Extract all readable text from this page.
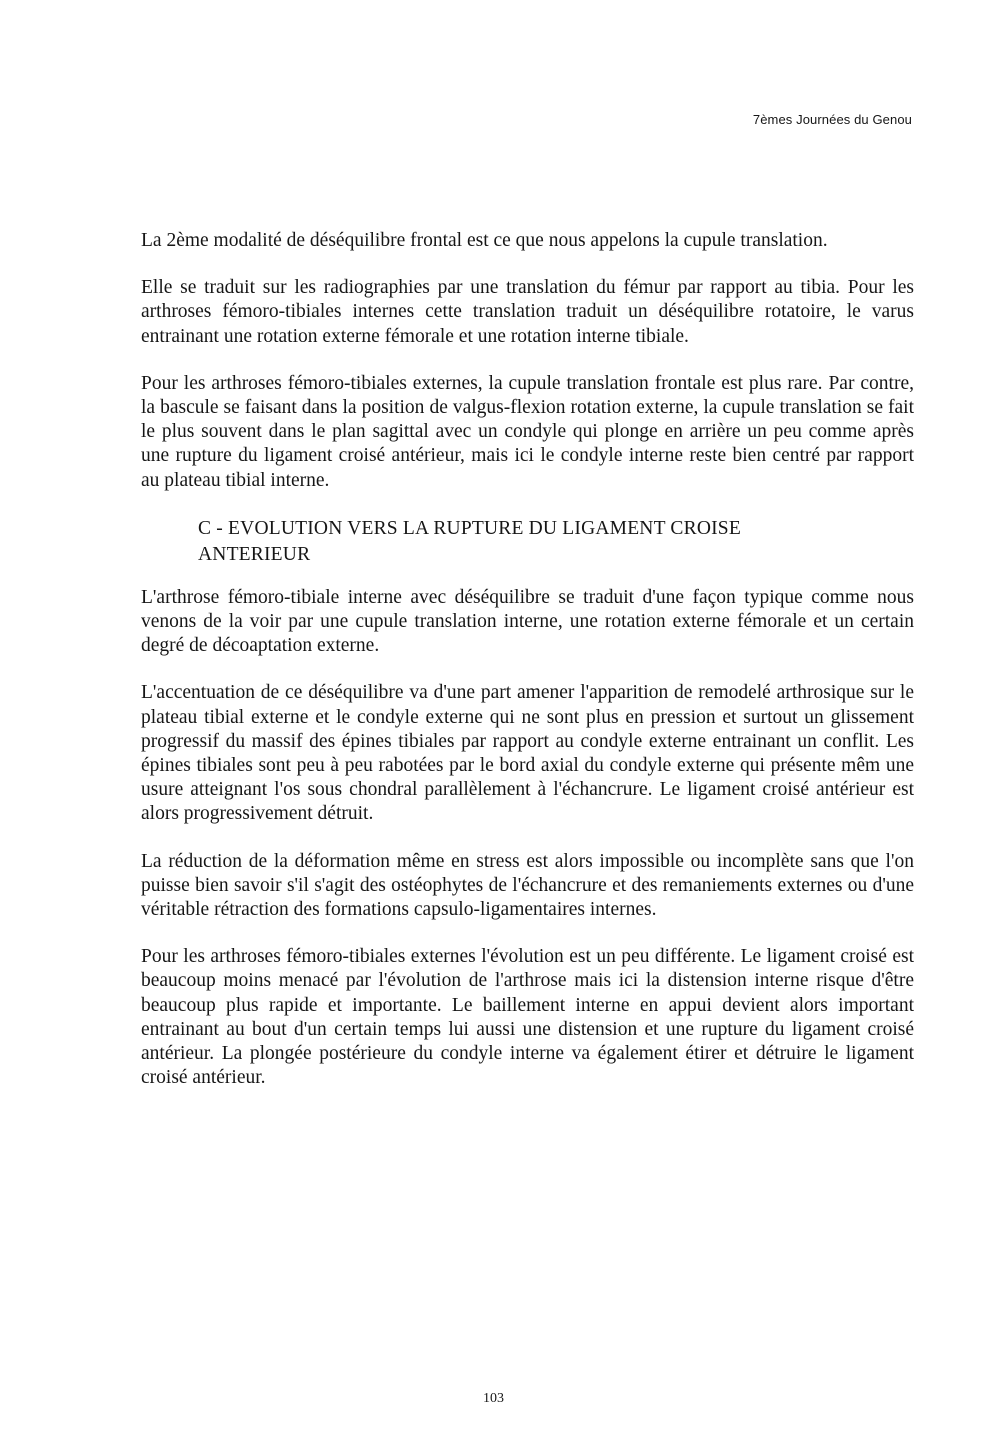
7èmes Journées du Genou

La 2ème modalité de déséquilibre frontal est ce que nous appelons la cupule translation.

Elle se traduit sur les radiographies par une translation du fémur par rapport au tibia. Pour les arthroses fémoro-tibiales internes cette translation traduit un déséquilibre rotatoire, le varus entrainant une rotation externe fémorale et une rotation interne tibiale.

Pour les arthroses fémoro-tibiales externes, la cupule translation frontale est plus rare. Par contre, la bascule se faisant dans la position de valgus-flexion rotation externe, la cupule translation se fait le plus souvent dans le plan sagittal avec un condyle qui plonge en arrière un peu comme après une rupture du ligament croisé antérieur, mais ici le condyle interne reste bien centré par rapport au plateau tibial interne.

C - EVOLUTION VERS LA RUPTURE DU LIGAMENT CROISE ANTERIEUR

L'arthrose fémoro-tibiale interne avec déséquilibre se traduit d'une façon typique comme nous venons de la voir par une cupule translation interne, une rotation externe fémorale et un certain degré de décoaptation externe.

L'accentuation de ce déséquilibre va d'une part amener l'apparition de remodelé arthrosique sur le plateau tibial externe et le condyle externe qui ne sont plus en pression et surtout un glissement progressif du massif des épines tibiales par rapport au condyle externe entrainant un conflit. Les épines tibiales sont peu à peu rabotées par le bord axial du condyle externe qui présente mêm une usure atteignant l'os sous chondral parallèlement à l'échancrure. Le ligament croisé antérieur est alors progressivement détruit.

La réduction de la déformation même en stress est alors impossible ou incomplète sans que l'on puisse bien savoir s'il s'agit des ostéophytes de l'échancrure et des remaniements externes ou d'une véritable rétraction des formations capsulo-ligamentaires internes.

Pour les arthroses fémoro-tibiales externes l'évolution est un peu différente. Le ligament croisé est beaucoup moins menacé par l'évolution de l'arthrose mais ici la distension interne risque d'être beaucoup plus rapide et importante. Le baillement interne en appui devient alors important entrainant au bout d'un certain temps lui aussi une distension et une rupture du ligament croisé antérieur. La plongée postérieure du condyle interne va également étirer et détruire le ligament croisé antérieur.

103
